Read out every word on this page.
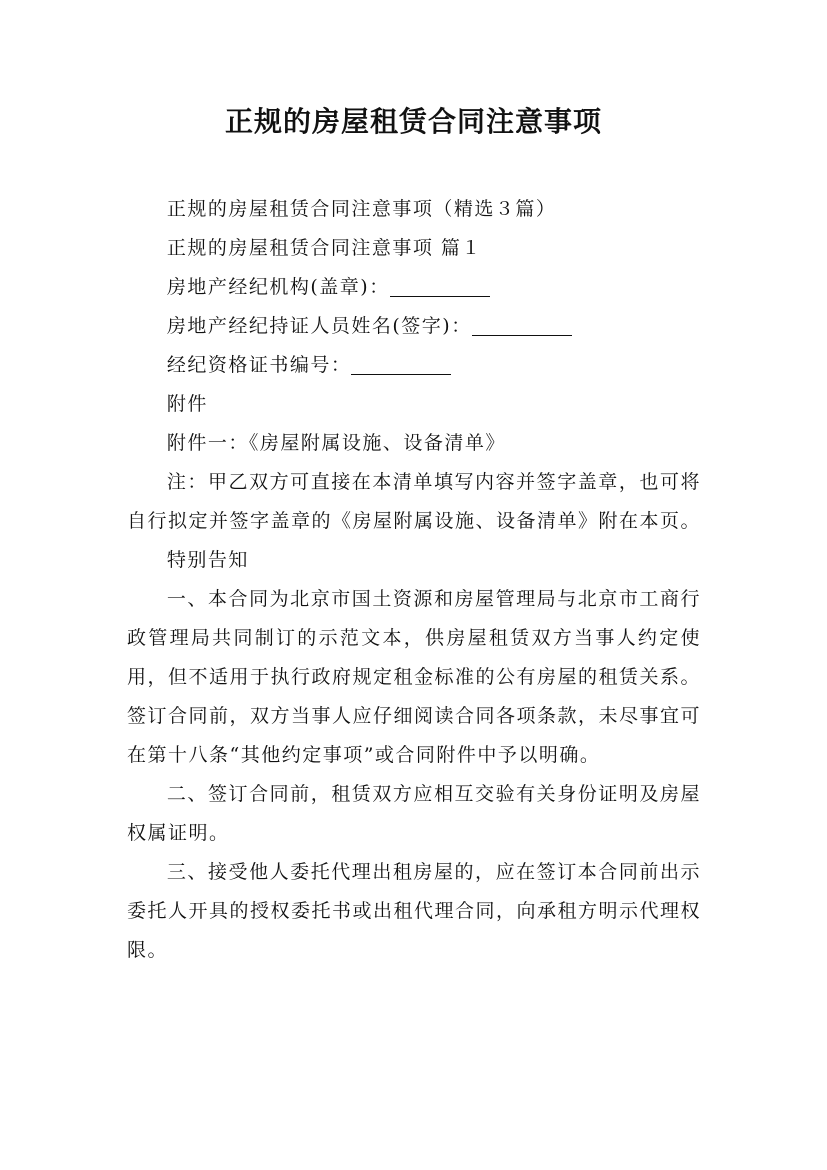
正规的房屋租赁合同注意事项

正规的房屋租赁合同注意事项（精选３篇）

正规的房屋租赁合同注意事项 篇１

房地产经纪机构(盖章)：

房地产经纪持证人员姓名(签字)：

经纪资格证书编号：

附件

附件一：《房屋附属设施、设备清单》

注：甲乙双方可直接在本清单填写内容并签字盖章，也可将自行拟定并签字盖章的《房屋附属设施、设备清单》附在本页。

特别告知

一、本合同为北京市国土资源和房屋管理局与北京市工商行政管理局共同制订的示范文本，供房屋租赁双方当事人约定使用，但不适用于执行政府规定租金标准的公有房屋的租赁关系。签订合同前，双方当事人应仔细阅读合同各项条款，未尽事宜可在第十八条“其他约定事项”或合同附件中予以明确。

二、签订合同前，租赁双方应相互交验有关身份证明及房屋权属证明。

三、接受他人委托代理出租房屋的，应在签订本合同前出示委托人开具的授权委托书或出租代理合同，向承租方明示代理权限。
